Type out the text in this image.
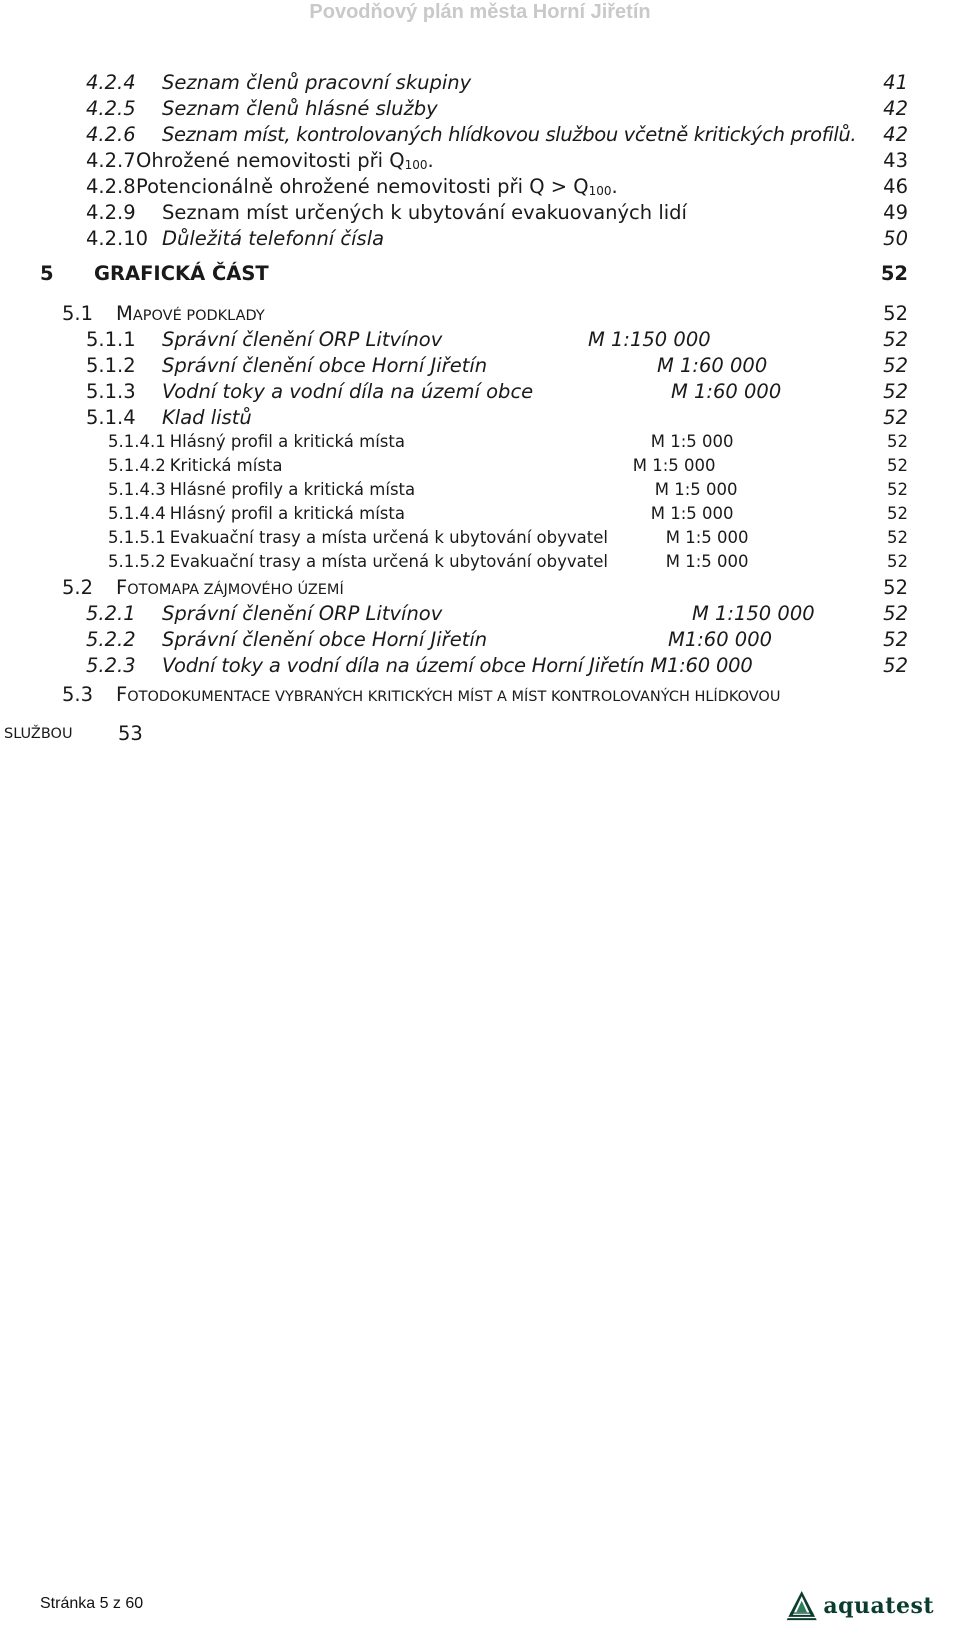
Povodňový plán města Horní Jiřetín
4.2.4	Seznam členů pracovní skupiny	41
4.2.5	Seznam členů hlásné služby	42
4.2.6	Seznam míst, kontrolovaných hlídkovou službou včetně kritických profilů. 42
4.2.7 Ohrožené nemovitosti při $Q_{100}$.	43
4.2.8 Potencionálně ohrožené nemovitosti při $Q > Q_{100}$.	46
4.2.9	Seznam míst určených k ubytování evakuovaných lidí	49
4.2.10 Důležitá telefonní čísla	50
5	GRAFICKÁ ČÁST	52
5.1	MAPOVÉ PODKLADY	52
5.1.1	Správní členění ORP Litvínov	M 1:150 000	52
5.1.2	Správní členění obce Horní Jiřetín	M 1:60 000	52
5.1.3	Vodní toky a vodní díla na území obce	M 1:60 000	52
5.1.4	Klad listů	52
5.1.4.1 Hlásný profil a kritická místa	M 1:5 000	52
5.1.4.2 Kritická místa	M 1:5 000	52
5.1.4.3 Hlásné profily a kritická místa	M 1:5 000	52
5.1.4.4 Hlásný profil a kritická místa	M 1:5 000	52
5.1.5.1 Evakuační trasy a místa určená k ubytování obyvatel	M 1:5 000	52
5.1.5.2 Evakuační trasy a místa určená k ubytování obyvatel	M 1:5 000	52
5.2	FOTOMAPA ZÁJMOVÉHO ÚZEMÍ	52
5.2.1	Správní členění ORP Litvínov	M 1:150 000	52
5.2.2	Správní členění obce Horní Jiřetín	M1:60 000	52
5.2.3	Vodní toky a vodní díla na území obce Horní Jiřetín M1:60 000	52
5.3	FOTODOKUMENTACE VYBRANÝCH KRITICKÝCH MÍST A MÍST KONTROLOVANÝCH HLÍDKOVOU
SLUŽBOU 53
Stránka 5 z 60	aquatest
